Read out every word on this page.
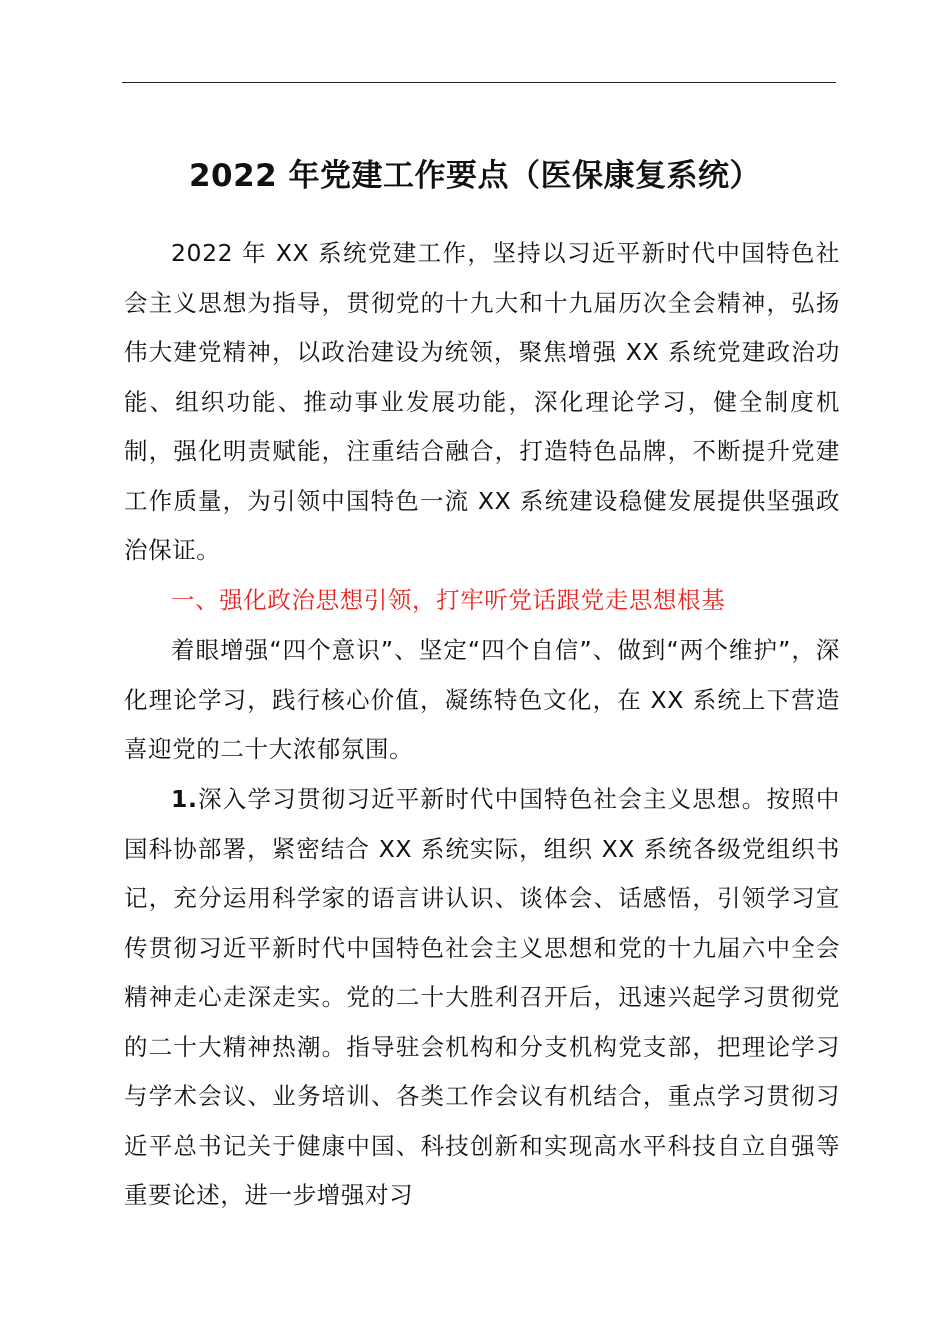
2022 年党建工作要点（医保康复系统）

2022 年 XX 系统党建工作，坚持以习近平新时代中国特色社会主义思想为指导，贯彻党的十九大和十九届历次全会精神，弘扬伟大建党精神，以政治建设为统领，聚焦增强 XX 系统党建政治功能、组织功能、推动事业发展功能，深化理论学习，健全制度机制，强化明责赋能，注重结合融合，打造特色品牌，不断提升党建工作质量，为引领中国特色一流 XX 系统建设稳健发展提供坚强政治保证。

一、强化政治思想引领，打牢听党话跟党走思想根基

着眼增强“四个意识”、坚定“四个自信”、做到“两个维护”，深化理论学习，践行核心价值，凝练特色文化，在 XX 系统上下营造喜迎党的二十大浓郁氛围。

1.深入学习贯彻习近平新时代中国特色社会主义思想。按照中国科协部署，紧密结合 XX 系统实际，组织 XX 系统各级党组织书记，充分运用科学家的语言讲认识、谈体会、话感悟，引领学习宣传贯彻习近平新时代中国特色社会主义思想和党的十九届六中全会精神走心走深走实。党的二十大胜利召开后，迅速兴起学习贯彻党的二十大精神热潮。指导驻会机构和分支机构党支部，把理论学习与学术会议、业务培训、各类工作会议有机结合，重点学习贯彻习近平总书记关于健康中国、科技创新和实现高水平科技自立自强等重要论述，进一步增强对习
